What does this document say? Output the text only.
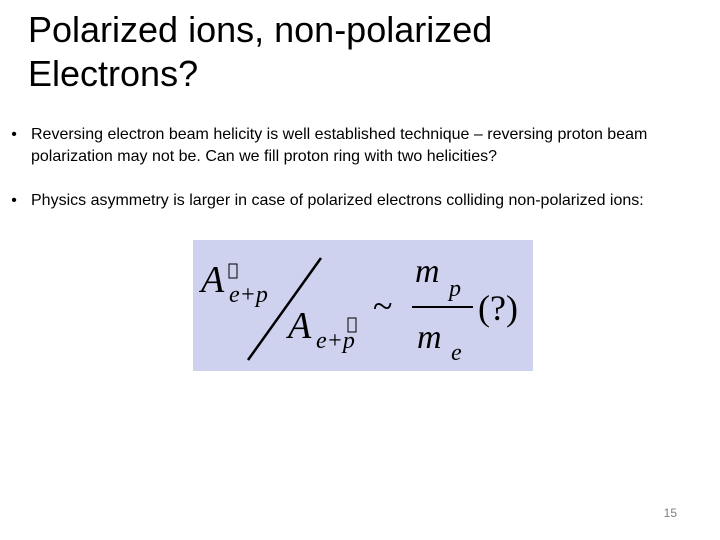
Polarized ions, non-polarized
Electrons?
• Reversing electron beam helicity is well established technique – reversing proton beam polarization may not be. Can we fill proton ring with two helicities?
• Physics asymmetry is larger in case of polarized electrons colliding non-polarized ions:
A e+p
A e+p
~
m p
m e
(?)
15
